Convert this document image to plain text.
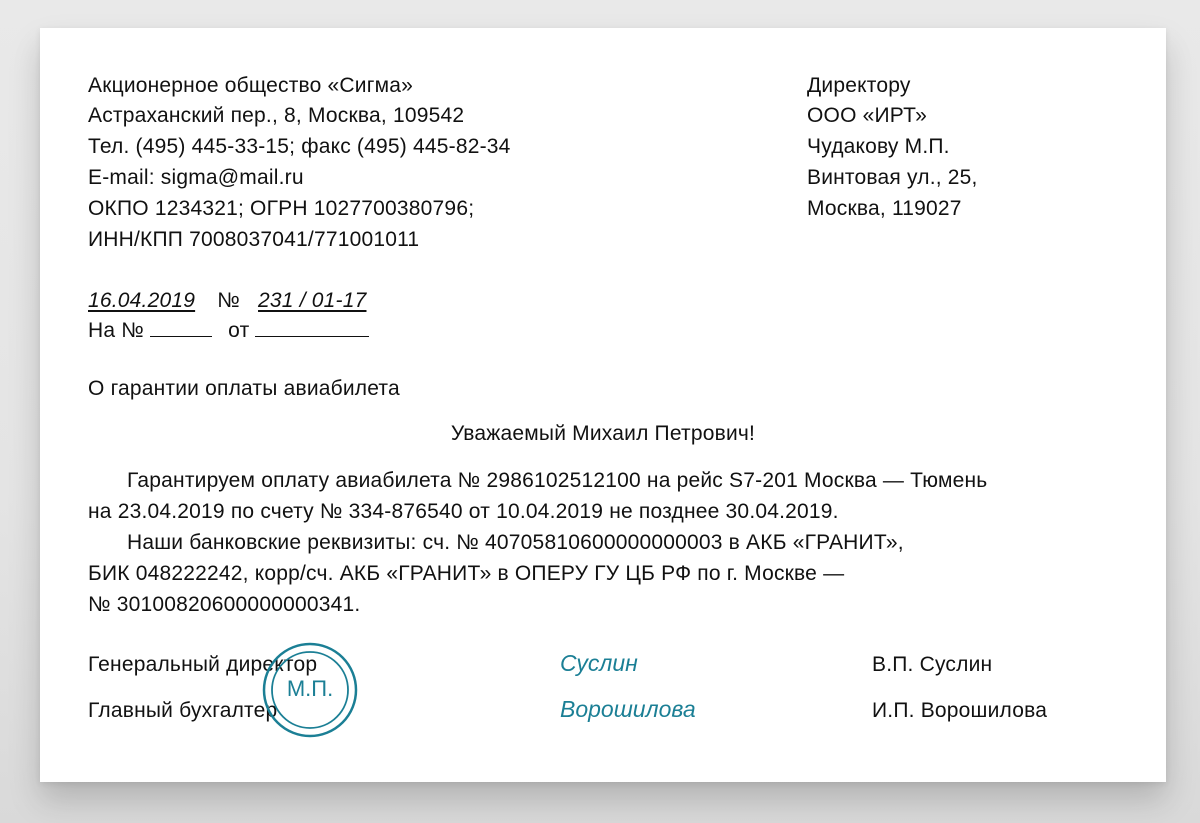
Акционерное общество «Сигма»
Астраханский пер., 8, Москва, 109542
Тел. (495) 445-33-15; факс (495) 445-82-34
E-mail: sigma@mail.ru
ОКПО 1234321; ОГРН 1027700380796;
ИНН/КПП 7008037041/771001011
Директору
ООО «ИРТ»
Чудакову М.П.
Винтовая ул., 25,
Москва, 119027
16.04.2019 № 231 / 01-17
На №	от
О гарантии оплаты авиабилета
Уважаемый Михаил Петрович!
Гарантируем оплату авиабилета № 2986102512100 на рейс S7-201 Москва — Тюмень
на 23.04.2019 по счету № 334-876540 от 10.04.2019 не позднее 30.04.2019.
Наши банковские реквизиты: сч. № 40705810600000000003 в АКБ «ГРАНИТ»,
БИК 048222242, корр/сч. АКБ «ГРАНИТ» в ОПЕРУ ГУ ЦБ РФ по г. Москве —
№ 30100820600000000341.
Генеральный директор	Суслин	В.П. Суслин
Главный бухгалтер	Ворошилова	И.П. Ворошилова
М.П.
